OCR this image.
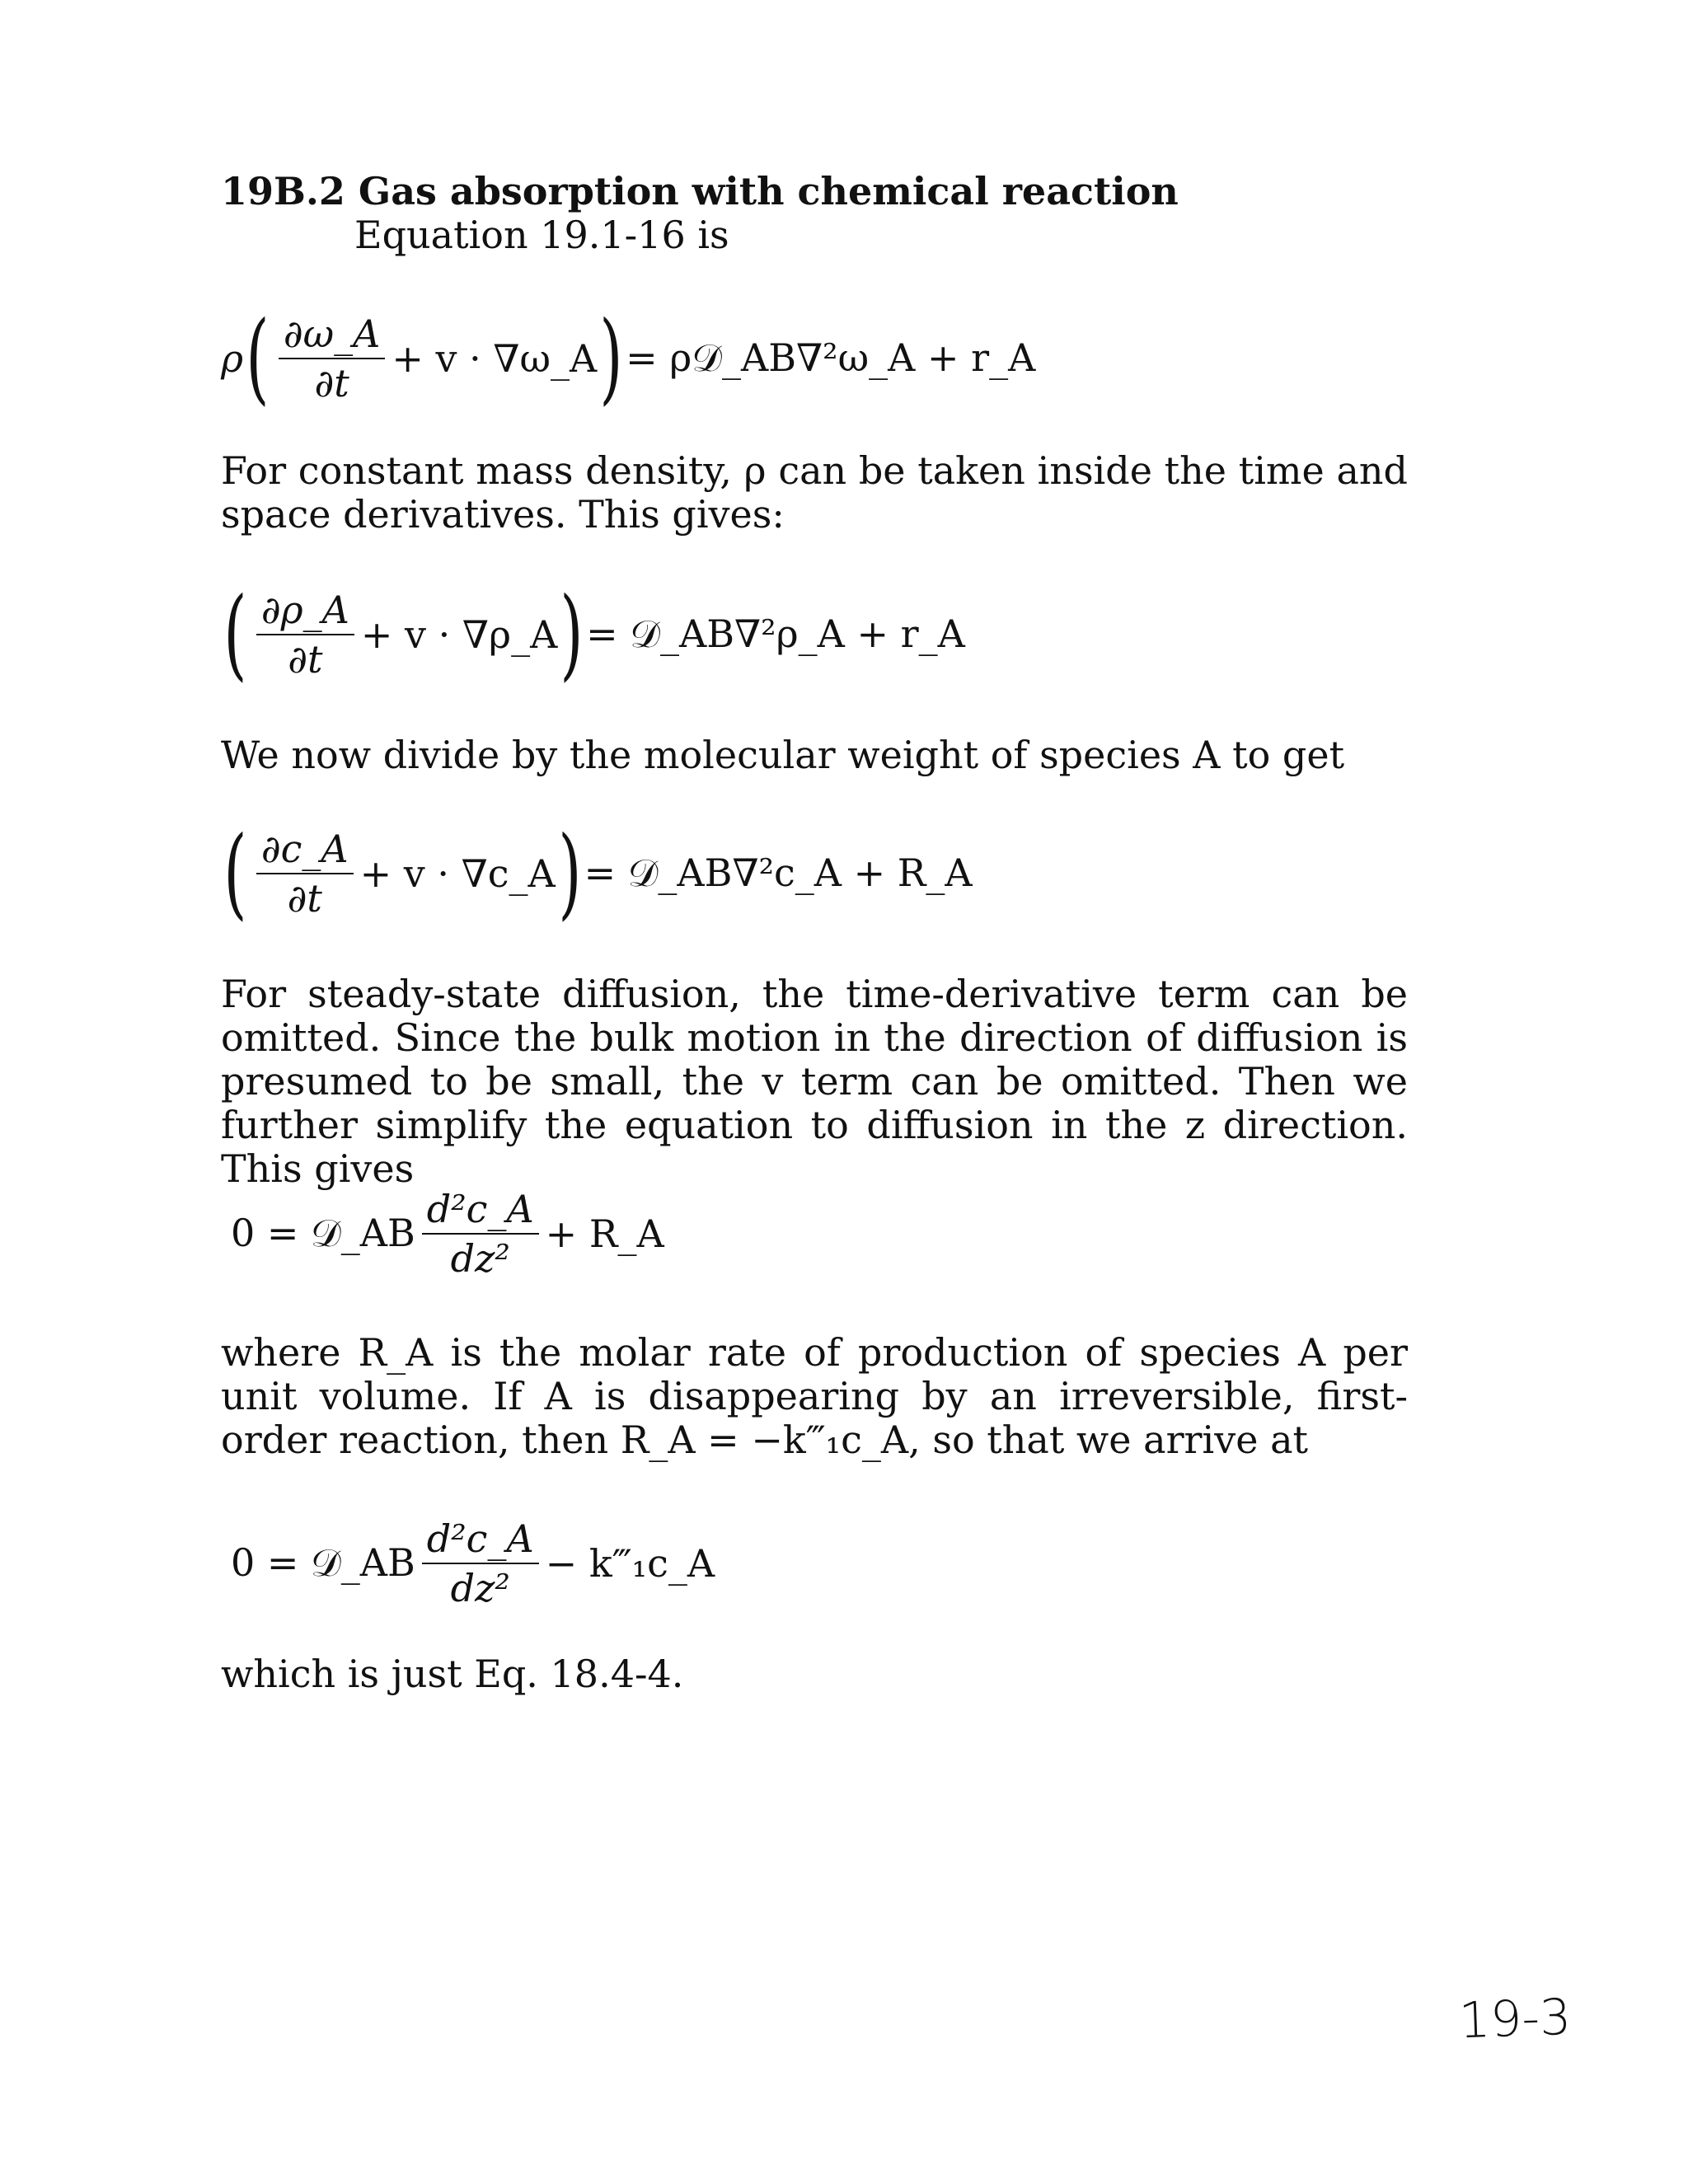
19B.2 Gas absorption with chemical reaction
Equation 19.1-16 is
ρ ( $\frac{\partial\omega\_A}{\partial t} + v$ · ∇ω_A ) = ρ𝒟_AB∇²ω_A + r_A
For constant mass density, ρ can be taken inside the time and space derivatives. This gives:
( $\frac{\partial\rho\_A}{\partial t} + v$ · ∇ρ_A ) = 𝒟_AB∇²ρ_A + r_A
We now divide by the molecular weight of species A to get
( $\frac{\partial c\_A}{\partial t} + v$ · ∇c_A ) = 𝒟_AB∇²c_A + R_A
For steady-state diffusion, the time-derivative term can be omitted. Since the bulk motion in the direction of diffusion is presumed to be small, the v term can be omitted. Then we further simplify the equation to diffusion in the z direction. This gives
0 = 𝒟_AB $\frac{\text{d²c\_A}}{\text{dz²}}$ + R_A
where R_A is the molar rate of production of species A per unit volume. If A is disappearing by an irreversible, first-order reaction, then R_A = −k‴₁c_A, so that we arrive at
0 = 𝒟_AB $\frac{\text{d²c\_A}}{\text{dz²}}$ − k‴₁c_A
which is just Eq. 18.4-4.
19-3
